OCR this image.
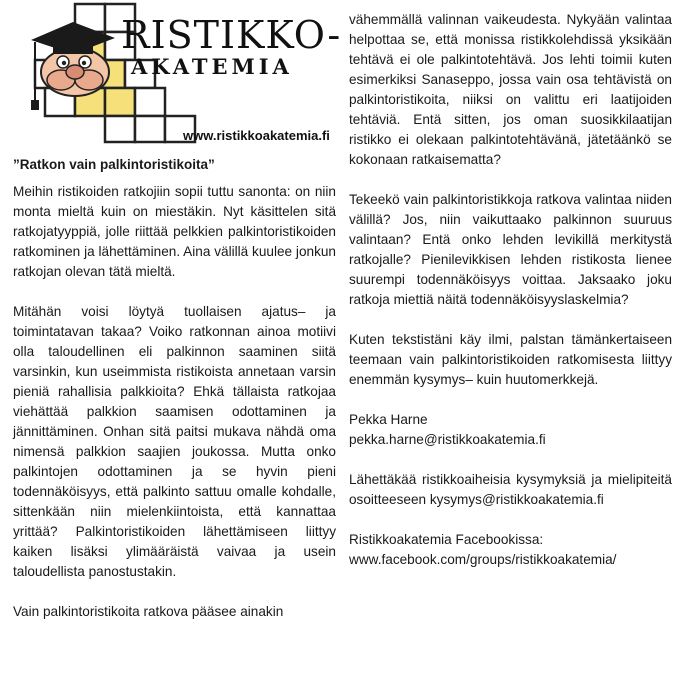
RISTIKKO-
AKATEMIA
www.ristikkoakatemia.fi
”Ratkon vain palkintoristikoita”

Meihin ristikoiden ratkojiin sopii tuttu sanonta: on niin monta mieltä kuin on miestäkin. Nyt käsittelen sitä ratkojatyyppiä, jolle riittää pelkkien palkintoristikoiden ratkominen ja lähettäminen. Aina välillä kuulee jonkun ratkojan olevan tätä mieltä.

Mitähän voisi löytyä tuollaisen ajatus– ja toimintatavan takaa? Voiko ratkonnan ainoa motiivi olla taloudellinen eli palkinnon saaminen siitä varsinkin, kun useimmista ristikoista annetaan varsin pieniä rahallisia palkkioita? Ehkä tällaista ratkojaa viehättää palkkion saamisen odottaminen ja jännittäminen. Onhan sitä paitsi mukava nähdä oma nimensä palkkion saajien joukossa. Mutta onko palkintojen odottaminen ja se hyvin pieni todennäköisyys, että palkinto sattuu omalle kohdalle, sittenkään niin mielenkiintoista, että kannattaa yrittää? Palkintoristikoiden lähettämiseen liittyy kaiken lisäksi ylimääräistä vaivaa ja usein taloudellista panostustakin.

Vain palkintoristikoita ratkova pääsee ainakin

vähemmällä valinnan vaikeudesta. Nykyään valintaa helpottaa se, että monissa ristikkolehdissä yksikään tehtävä ei ole palkintotehtävä. Jos lehti toimii kuten esimerkiksi Sanaseppo, jossa vain osa tehtävistä on palkintoristikoita, niiksi on valittu eri laatijoiden tehtäviä. Entä sitten, jos oman suosikkilaatijan ristikko ei olekaan palkintotehtävänä, jätetäänkö se kokonaan ratkaisematta?

Tekeekö vain palkintoristikkoja ratkova valintaa niiden välillä? Jos, niin vaikuttaako palkinnon suuruus valintaan? Entä onko lehden levikillä merkitystä ratkojalle? Pienilevikkisen lehden ristikosta lienee suurempi todennäköisyys voittaa. Jaksaako joku ratkoja miettiä näitä todennäköisyyslaskelmia?

Kuten tekstistäni käy ilmi, palstan tämänkertaiseen teemaan vain palkintoristikoiden ratkomisesta liittyy enemmän kysymys– kuin huutomerkkejä.

Pekka Harne

pekka.harne@ristikkoakatemia.fi

Lähettäkää ristikkoaiheisia kysymyksiä ja mielipiteitä osoitteeseen kysymys@ristikkoakatemia.fi

Ristikkoakatemia Facebookissa:

www.facebook.com/groups/ristikkoakatemia/
